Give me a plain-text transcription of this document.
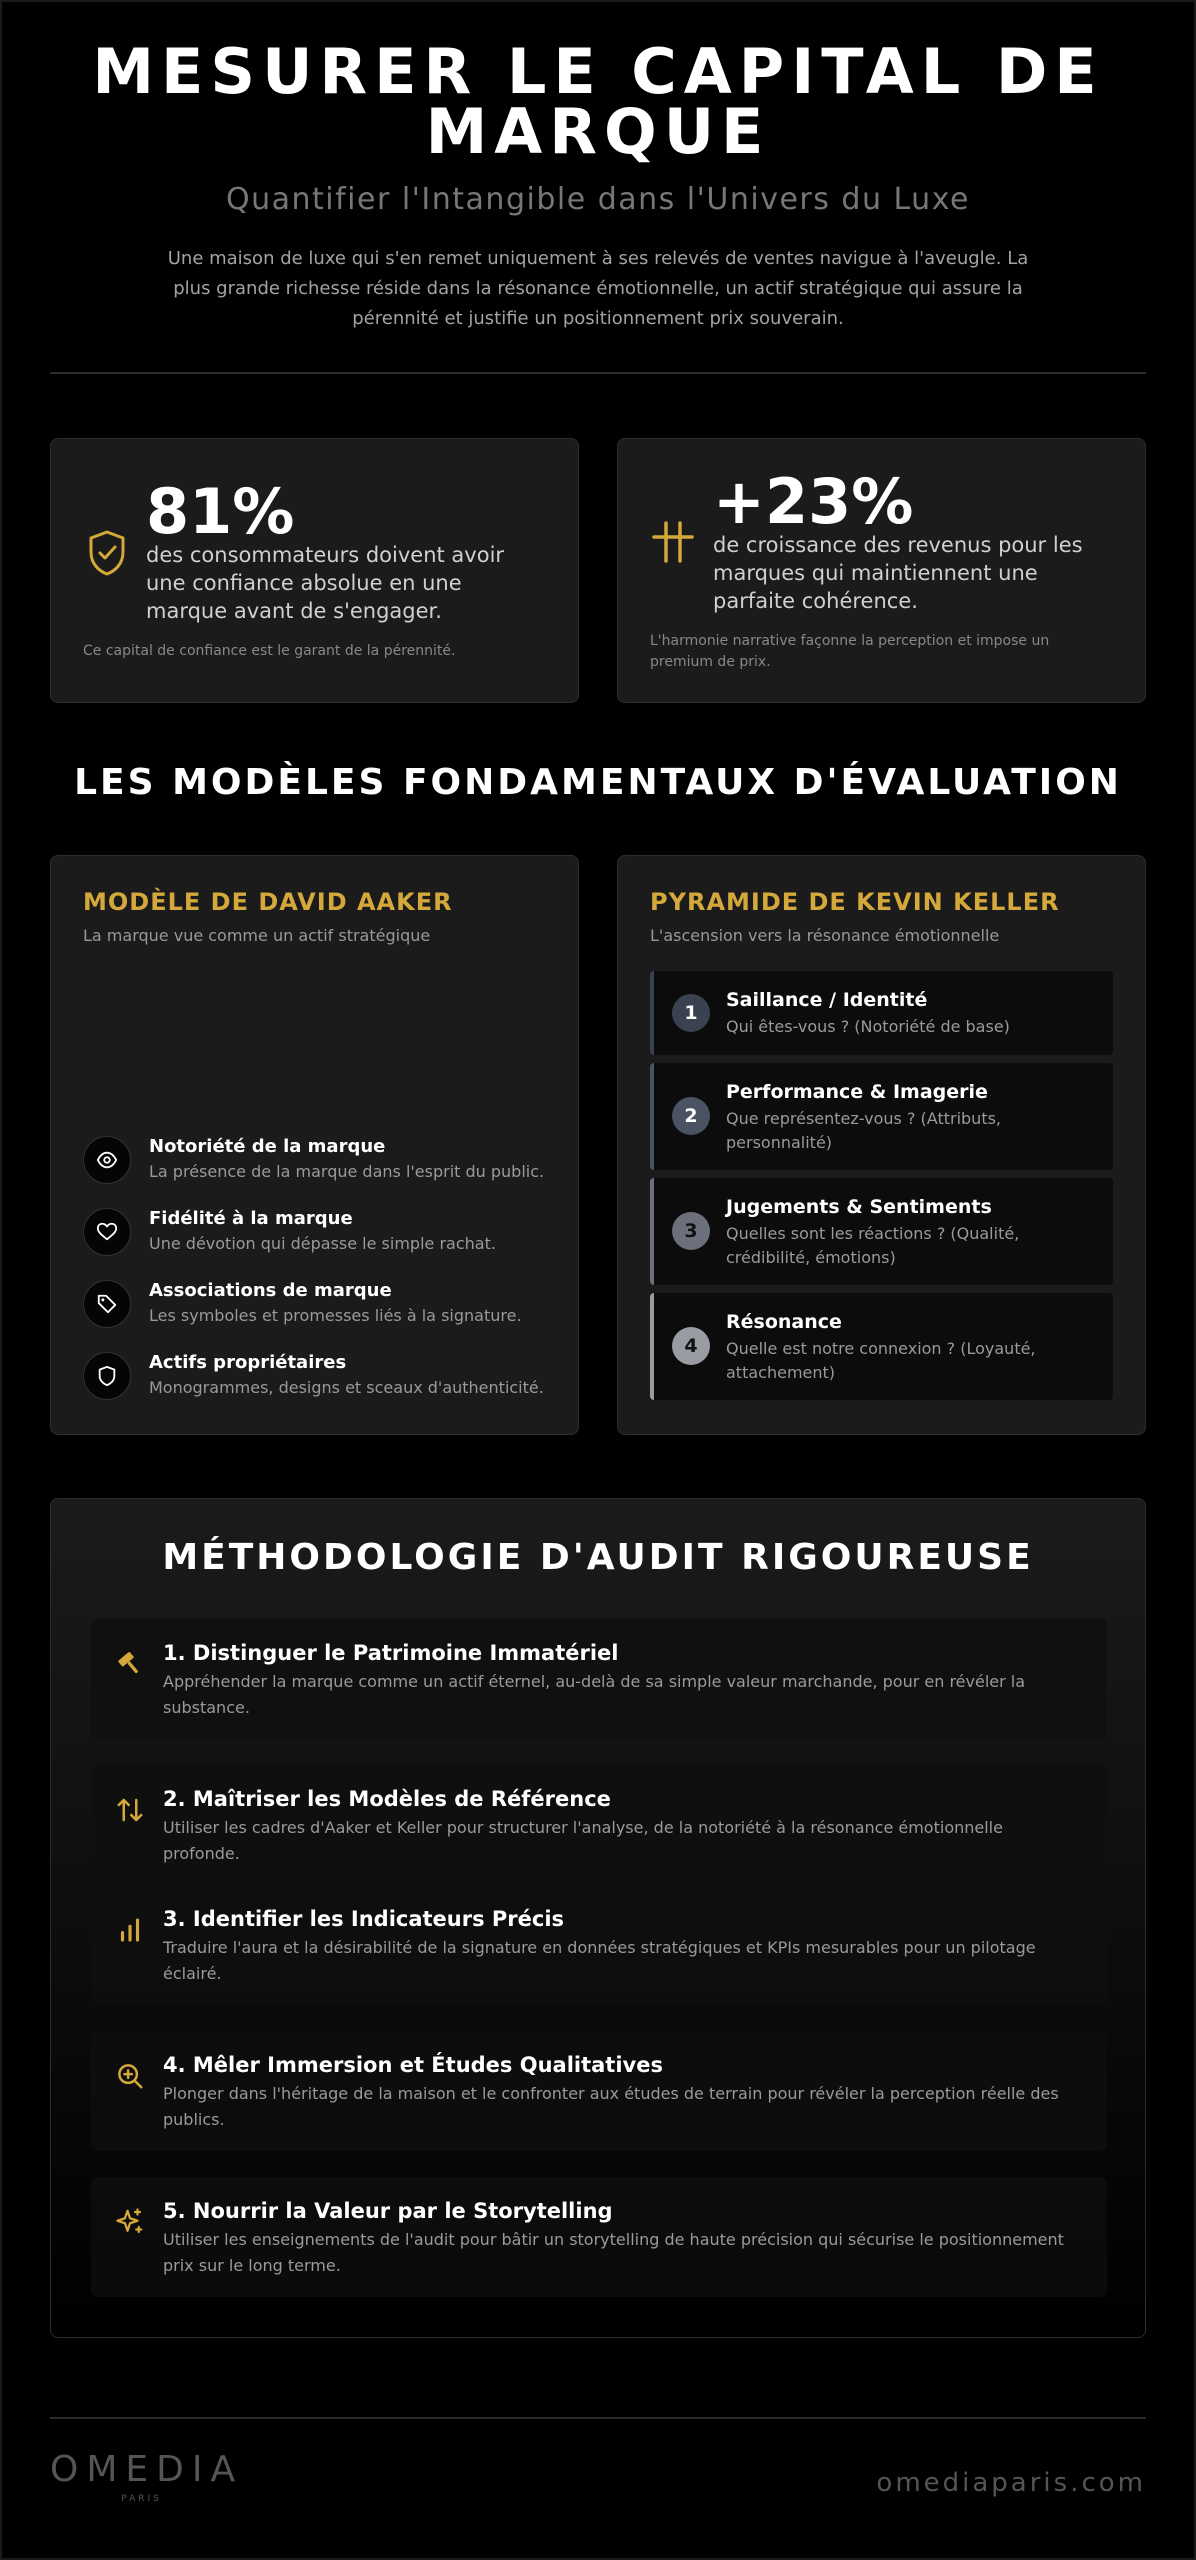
MESURER LE CAPITAL DE MARQUE
Quantifier l'Intangible dans l'Univers du Luxe

Une maison de luxe qui s'en remet uniquement à ses relevés de ventes navigue à l'aveugle. La plus grande richesse réside dans la résonance émotionnelle, un actif stratégique qui assure la pérennité et justifie un positionnement prix souverain.

81%
des consommateurs doivent avoir une confiance absolue en une marque avant de s'engager.
Ce capital de confiance est le garant de la pérennité.
+23%
de croissance des revenus pour les marques qui maintiennent une parfaite cohérence.
L'harmonie narrative façonne la perception et impose un premium de prix.
LES MODÈLES FONDAMENTAUX D'ÉVALUATION
MODÈLE DE DAVID AAKER
La marque vue comme un actif stratégique
Notoriété de la marque
La présence de la marque dans l'esprit du public.
Fidélité à la marque
Une dévotion qui dépasse le simple rachat.
Associations de marque
Les symboles et promesses liés à la signature.
Actifs propriétaires
Monogrammes, designs et sceaux d'authenticité.
PYRAMIDE DE KEVIN KELLER
L'ascension vers la résonance émotionnelle
1
Saillance / Identité
Qui êtes-vous ? (Notoriété de base)
2
Performance & Imagerie
Que représentez-vous ? (Attributs, personnalité)
3
Jugements & Sentiments
Quelles sont les réactions ? (Qualité, crédibilité, émotions)
4
Résonance
Quelle est notre connexion ? (Loyauté, attachement)
MÉTHODOLOGIE D'AUDIT RIGOUREUSE
1. Distinguer le Patrimoine Immatériel
Appréhender la marque comme un actif éternel, au-delà de sa simple valeur marchande, pour en révéler la substance.
2. Maîtriser les Modèles de Référence
Utiliser les cadres d'Aaker et Keller pour structurer l'analyse, de la notoriété à la résonance émotionnelle profonde.
3. Identifier les Indicateurs Précis
Traduire l'aura et la désirabilité de la signature en données stratégiques et KPIs mesurables pour un pilotage éclairé.
4. Mêler Immersion et Études Qualitatives
Plonger dans l'héritage de la maison et le confronter aux études de terrain pour révéler la perception réelle des publics.
5. Nourrir la Valeur par le Storytelling
Utiliser les enseignements de l'audit pour bâtir un storytelling de haute précision qui sécurise le positionnement prix sur le long terme.
OMEDIA
PARIS
omediaparis.com
